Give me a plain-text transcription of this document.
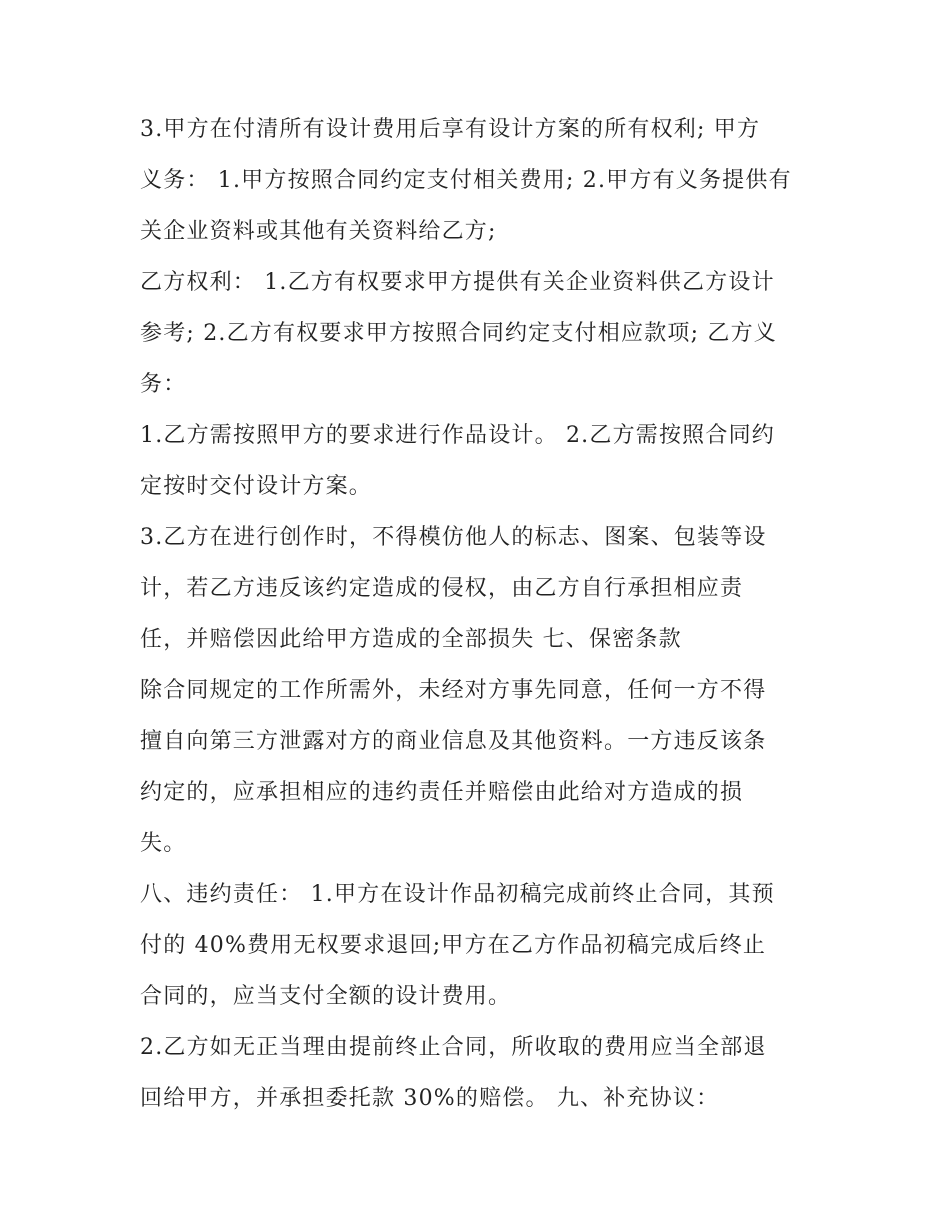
3.甲方在付清所有设计费用后享有设计方案的所有权利; 甲方
义务： 1.甲方按照合同约定支付相关费用; 2.甲方有义务提供有
关企业资料或其他有关资料给乙方;
乙方权利： 1.乙方有权要求甲方提供有关企业资料供乙方设计
参考; 2.乙方有权要求甲方按照合同约定支付相应款项; 乙方义
务：
1.乙方需按照甲方的要求进行作品设计。 2.乙方需按照合同约
定按时交付设计方案。
3.乙方在进行创作时，不得模仿他人的标志、图案、包装等设
计，若乙方违反该约定造成的侵权，由乙方自行承担相应责
任，并赔偿因此给甲方造成的全部损失 七、保密条款
除合同规定的工作所需外，未经对方事先同意，任何一方不得
擅自向第三方泄露对方的商业信息及其他资料。一方违反该条
约定的，应承担相应的违约责任并赔偿由此给对方造成的损
失。
八、违约责任： 1.甲方在设计作品初稿完成前终止合同，其预
付的 40%费用无权要求退回;甲方在乙方作品初稿完成后终止
合同的，应当支付全额的设计费用。
2.乙方如无正当理由提前终止合同，所收取的费用应当全部退
回给甲方，并承担委托款 30%的赔偿。 九、补充协议：
